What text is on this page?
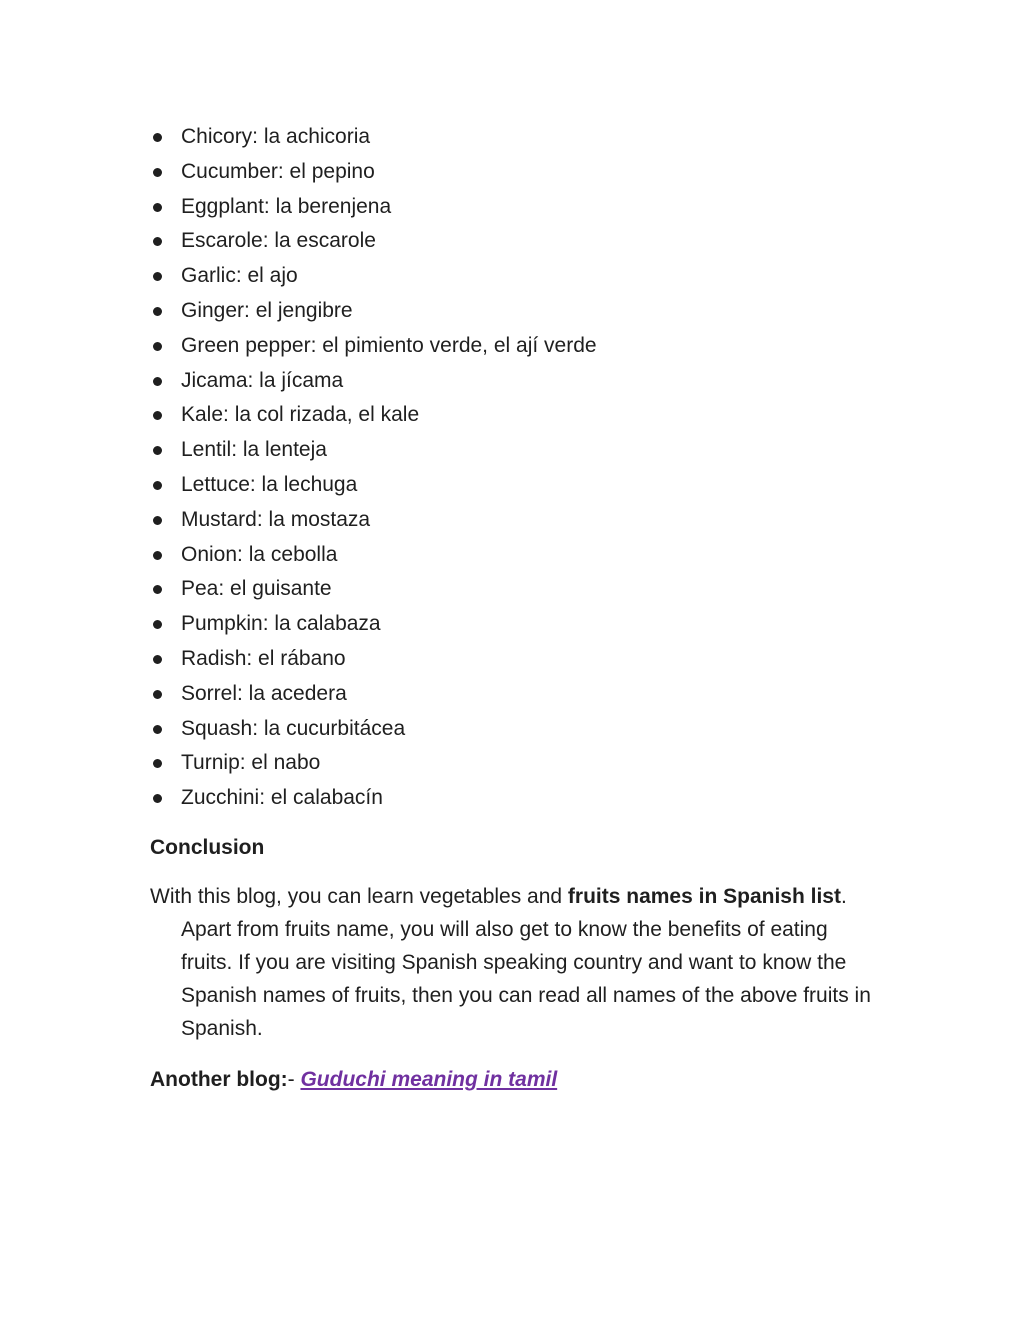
Chicory: la achicoria
Cucumber: el pepino
Eggplant: la berenjena
Escarole: la escarole
Garlic: el ajo
Ginger: el jengibre
Green pepper: el pimiento verde, el ají verde
Jicama: la jícama
Kale: la col rizada, el kale
Lentil: la lenteja
Lettuce: la lechuga
Mustard: la mostaza
Onion: la cebolla
Pea: el guisante
Pumpkin: la calabaza
Radish: el rábano
Sorrel: la acedera
Squash: la cucurbitácea
Turnip: el nabo
Zucchini: el calabacín
Conclusion
With this blog, you can learn vegetables and fruits names in Spanish list.
Apart from fruits name, you will also get to know the benefits of eating
fruits. If you are visiting Spanish speaking country and want to know the
Spanish names of fruits, then you can read all names of the above fruits in
Spanish.
Another blog:- Guduchi meaning in tamil
